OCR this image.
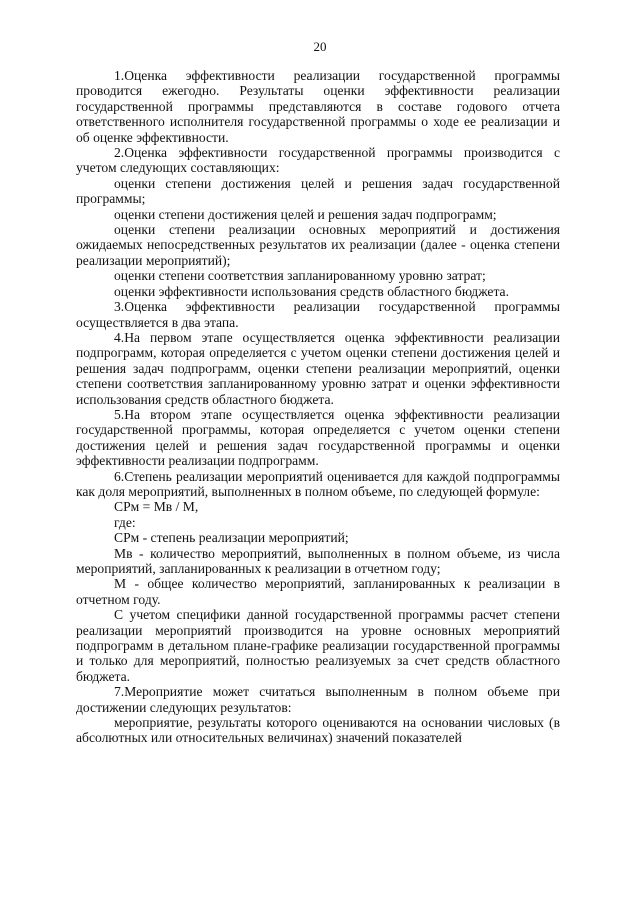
20

1.Оценка эффективности реализации государственной программы проводится ежегодно. Результаты оценки эффективности реализации государственной программы представляются в составе годового отчета ответственного исполнителя государственной программы о ходе ее реализации и об оценке эффективности.

2.Оценка эффективности государственной программы производится с учетом следующих составляющих:

оценки степени достижения целей и решения задач государственной программы;

оценки степени достижения целей и решения задач подпрограмм;

оценки степени реализации основных мероприятий и достижения ожидаемых непосредственных результатов их реализации (далее - оценка степени реализации мероприятий);

оценки степени соответствия запланированному уровню затрат;

оценки эффективности использования средств областного бюджета.

3.Оценка эффективности реализации государственной программы осуществляется в два этапа.

4.На первом этапе осуществляется оценка эффективности реализации подпрограмм, которая определяется с учетом оценки степени достижения целей и решения задач подпрограмм, оценки степени реализации мероприятий, оценки степени соответствия запланированному уровню затрат и оценки эффективности использования средств областного бюджета.

5.На втором этапе осуществляется оценка эффективности реализации государственной программы, которая определяется с учетом оценки степени достижения целей и решения задач государственной программы и оценки эффективности реализации подпрограмм.

6.Степень реализации мероприятий оценивается для каждой подпрограммы как доля мероприятий, выполненных в полном объеме, по следующей формуле:

СРм = Мв / М,

где:

СРм - степень реализации мероприятий;

Мв - количество мероприятий, выполненных в полном объеме, из числа мероприятий, запланированных к реализации в отчетном году;

М - общее количество мероприятий, запланированных к реализации в отчетном году.

С учетом специфики данной государственной программы расчет степени реализации мероприятий производится на уровне основных мероприятий подпрограмм в детальном плане-графике реализации государственной программы и только для мероприятий, полностью реализуемых за счет средств областного бюджета.

7.Мероприятие может считаться выполненным в полном объеме при достижении следующих результатов:

мероприятие, результаты которого оцениваются на основании числовых (в абсолютных или относительных величинах) значений показателей
